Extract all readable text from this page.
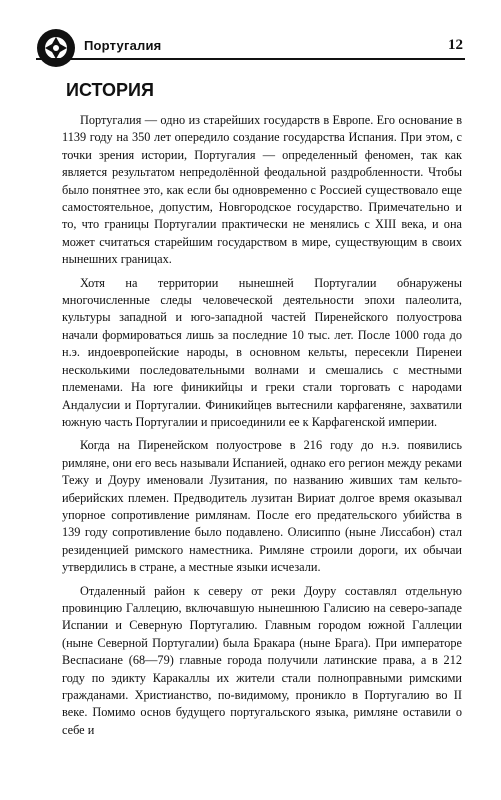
Португалия	12
ИСТОРИЯ

Португалия — одно из старейших государств в Европе. Его основание в 1139 году на 350 лет опередило создание государства Испания. При этом, с точки зрения истории, Португалия — определенный феномен, так как является результатом непредолённой феодальной раздробленности. Чтобы было понятнее это, как если бы одновременно с Россией существовало еще самостоятельное, допустим, Новгородское государство. Примечательно и то, что границы Португалии практически не менялись с XIII века, и она может считаться старейшим государством в мире, существующим в своих нынешних границах.

Хотя на территории нынешней Португалии обнаружены многочисленные следы человеческой деятельности эпохи палеолита, культуры западной и юго-западной частей Пиренейского полуострова начали формироваться лишь за последние 10 тыс. лет. После 1000 года до н.э. индоевропейские народы, в основном кельты, пересекли Пиренеи несколькими последовательными волнами и смешались с местными племенами. На юге финикийцы и греки стали торговать с народами Андалусии и Португалии. Финикийцев вытеснили карфагеняне, захватили южную часть Португалии и присоединили ее к Карфагенской империи.

Когда на Пиренейском полуострове в 216 году до н.э. появились римляне, они его весь называли Испанией, однако его регион между реками Тежу и Доуру именовали Лузитания, по названию живших там кельто-иберийских племен. Предводитель лузитан Вириат долгое время оказывал упорное сопротивление римлянам. После его предательского убийства в 139 году сопротивление было подавлено. Олисиппо (ныне Лиссабон) стал резиденцией римского наместника. Римляне строили дороги, их обычаи утвердились в стране, а местные языки исчезали.

Отдаленный район к северу от реки Доуру составлял отдельную провинцию Галлецию, включавшую нынешнюю Галисию на северо-западе Испании и Северную Португалию. Главным городом южной Галлеции (ныне Северной Португалии) была Бракара (ныне Брага). При императоре Веспасиане (68—79) главные города получили латинские права, а в 212 году по эдикту Каракаллы их жители стали полноправными римскими гражданами. Христианство, по-видимому, проникло в Португалию во II веке. Помимо основ будущего португальского языка, римляне оставили о себе и
